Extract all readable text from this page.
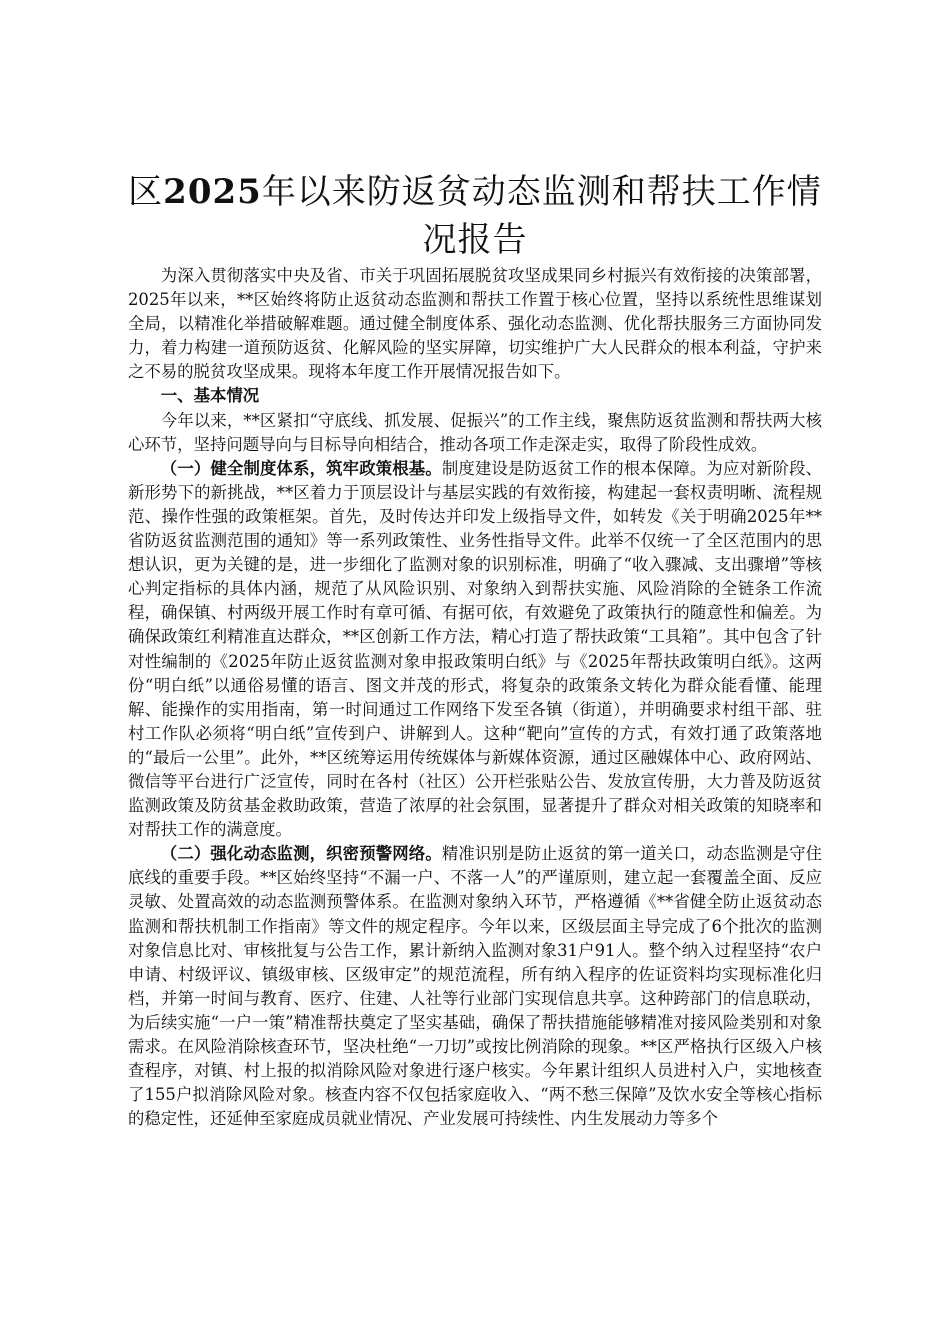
区2025年以来防返贫动态监测和帮扶工作情况报告

为深入贯彻落实中央及省、市关于巩固拓展脱贫攻坚成果同乡村振兴有效衔接的决策部署，2025年以来，**区始终将防止返贫动态监测和帮扶工作置于核心位置，坚持以系统性思维谋划全局，以精准化举措破解难题。通过健全制度体系、强化动态监测、优化帮扶服务三方面协同发力，着力构建一道预防返贫、化解风险的坚实屏障，切实维护广大人民群众的根本利益，守护来之不易的脱贫攻坚成果。现将本年度工作开展情况报告如下。

一、基本情况

今年以来，**区紧扣“守底线、抓发展、促振兴”的工作主线，聚焦防返贫监测和帮扶两大核心环节，坚持问题导向与目标导向相结合，推动各项工作走深走实，取得了阶段性成效。

（一）健全制度体系，筑牢政策根基。制度建设是防返贫工作的根本保障。为应对新阶段、新形势下的新挑战，**区着力于顶层设计与基层实践的有效衔接，构建起一套权责明晰、流程规范、操作性强的政策框架。首先，及时传达并印发上级指导文件，如转发《关于明确2025年**省防返贫监测范围的通知》等一系列政策性、业务性指导文件。此举不仅统一了全区范围内的思想认识，更为关键的是，进一步细化了监测对象的识别标准，明确了“收入骤减、支出骤增”等核心判定指标的具体内涵，规范了从风险识别、对象纳入到帮扶实施、风险消除的全链条工作流程，确保镇、村两级开展工作时有章可循、有据可依，有效避免了政策执行的随意性和偏差。为确保政策红利精准直达群众，**区创新工作方法，精心打造了帮扶政策“工具箱”。其中包含了针对性编制的《2025年防止返贫监测对象申报政策明白纸》与《2025年帮扶政策明白纸》。这两份“明白纸”以通俗易懂的语言、图文并茂的形式，将复杂的政策条文转化为群众能看懂、能理解、能操作的实用指南，第一时间通过工作网络下发至各镇（街道），并明确要求村组干部、驻村工作队必须将“明白纸”宣传到户、讲解到人。这种“靶向”宣传的方式，有效打通了政策落地的“最后一公里”。此外，**区统筹运用传统媒体与新媒体资源，通过区融媒体中心、政府网站、微信等平台进行广泛宣传，同时在各村（社区）公开栏张贴公告、发放宣传册，大力普及防返贫监测政策及防贫基金救助政策，营造了浓厚的社会氛围，显著提升了群众对相关政策的知晓率和对帮扶工作的满意度。

（二）强化动态监测，织密预警网络。精准识别是防止返贫的第一道关口，动态监测是守住底线的重要手段。**区始终坚持“不漏一户、不落一人”的严谨原则，建立起一套覆盖全面、反应灵敏、处置高效的动态监测预警体系。在监测对象纳入环节，严格遵循《**省健全防止返贫动态监测和帮扶机制工作指南》等文件的规定程序。今年以来，区级层面主导完成了6个批次的监测对象信息比对、审核批复与公告工作，累计新纳入监测对象31户91人。整个纳入过程坚持“农户申请、村级评议、镇级审核、区级审定”的规范流程，所有纳入程序的佐证资料均实现标准化归档，并第一时间与教育、医疗、住建、人社等行业部门实现信息共享。这种跨部门的信息联动，为后续实施“一户一策”精准帮扶奠定了坚实基础，确保了帮扶措施能够精准对接风险类别和对象需求。在风险消除核查环节，坚决杜绝“一刀切”或按比例消除的现象。**区严格执行区级入户核查程序，对镇、村上报的拟消除风险对象进行逐户核实。今年累计组织人员进村入户，实地核查了155户拟消除风险对象。核查内容不仅包括家庭收入、“两不愁三保障”及饮水安全等核心指标的稳定性，还延伸至家庭成员就业情况、产业发展可持续性、内生发展动力等多个
